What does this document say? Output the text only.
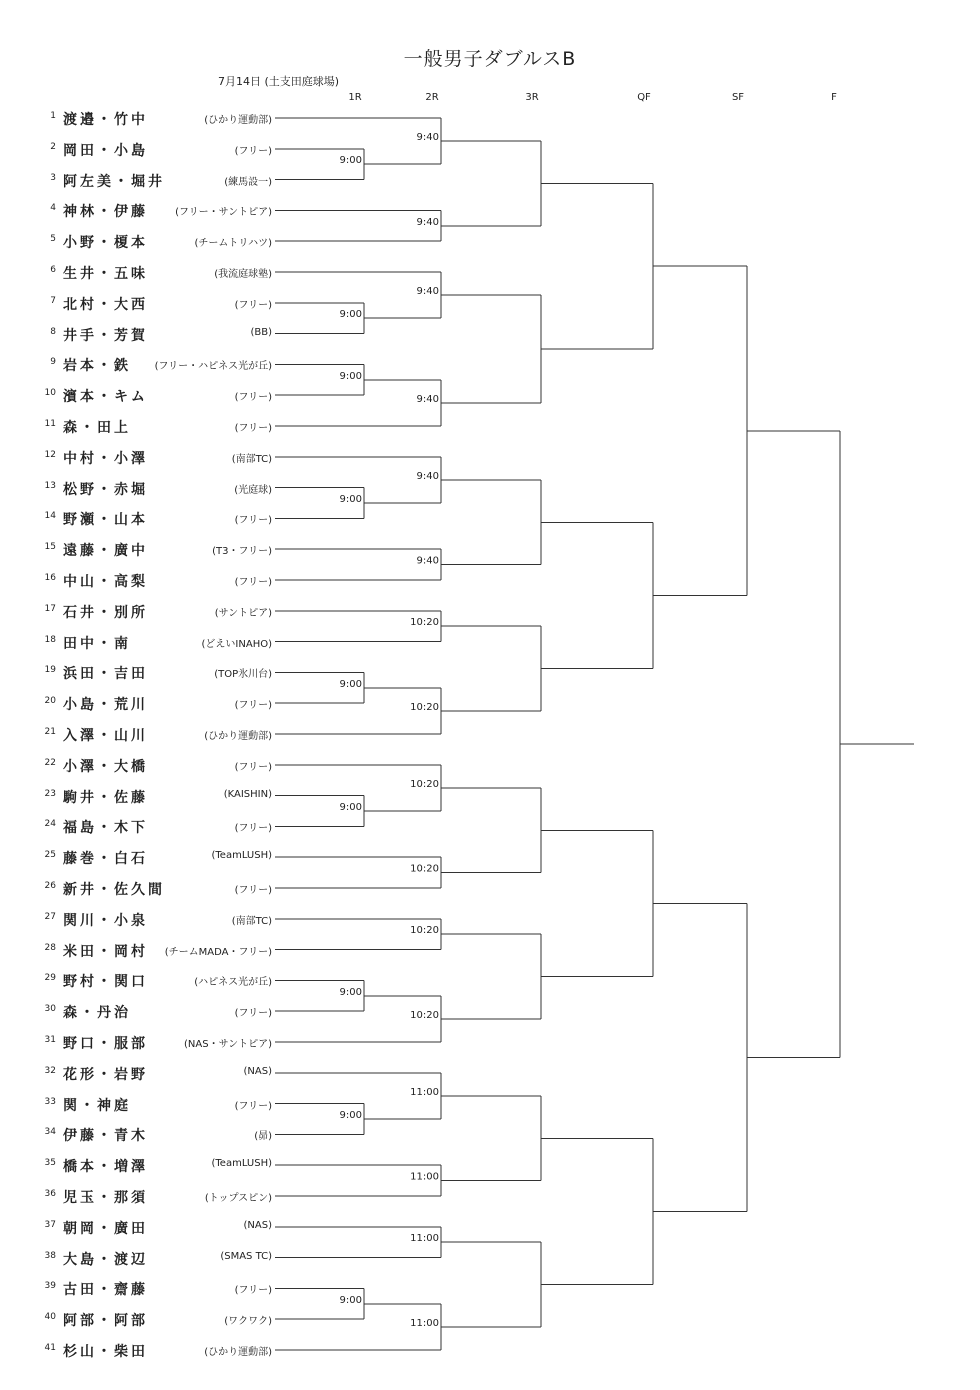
一般男子ダブルスB
7月14日 (土支田庭球場)
1R	2R	3R	QF	SF	F
1 渡邉・竹中	(ひかり運動部)
2 岡田・小島	(フリー)
3 阿左美・堀井	(練馬設一)
4 神林・伊藤	(フリー・サントピア)
5 小野・榎本	(チームトリハツ)
6 生井・五味	(我流庭球塾)
7 北村・大西	(フリー)
8 井手・芳賀	(BB)
9 岩本・鉄 (フリー・ハピネス光が丘)
10 濱本・キム	(フリー)
11 森・田上	(フリー)
12 中村・小澤	(南部TC)
13 松野・赤堀	(光庭球)
14 野瀬・山本	(フリー)
15 遠藤・廣中	(T3・フリー)
16 中山・高梨	(フリー)
17 石井・別所	(サントピア)
18 田中・南	(どえいINAHO)
19 浜田・吉田	(TOP氷川台)
20 小島・荒川	(フリー)
21 入澤・山川	(ひかり運動部)
22 小澤・大橋	(フリー)
23 駒井・佐藤	(KAISHIN)
24 福島・木下	(フリー)
25 藤巻・白石	(TeamLUSH)
26 新井・佐久間	(フリー)
27 関川・小泉	(南部TC)
28 米田・岡村 (チームMADA・フリー)
29 野村・関口	(ハピネス光が丘)
30 森・丹治	(フリー)
31 野口・服部	(NAS・サントピア)
32 花形・岩野	(NAS)
33 関・神庭	(フリー)
34 伊藤・青木	(昴)
35 橋本・増澤	(TeamLUSH)
36 児玉・那須	(トップスピン)
37 朝岡・廣田	(NAS)
38 大島・渡辺	(SMAS TC)
39 古田・齋藤	(フリー)
40 阿部・阿部	(ワクワク)
41 杉山・柴田	(ひかり運動部)
9:00
9:00
9:00
9:00
9:00
9:00
9:00
9:00
9:00
9:40
9:40
9:40
9:40
9:40
9:40
10:20
10:20
10:20
10:20
10:20
10:20
11:00
11:00
11:00
11:00
